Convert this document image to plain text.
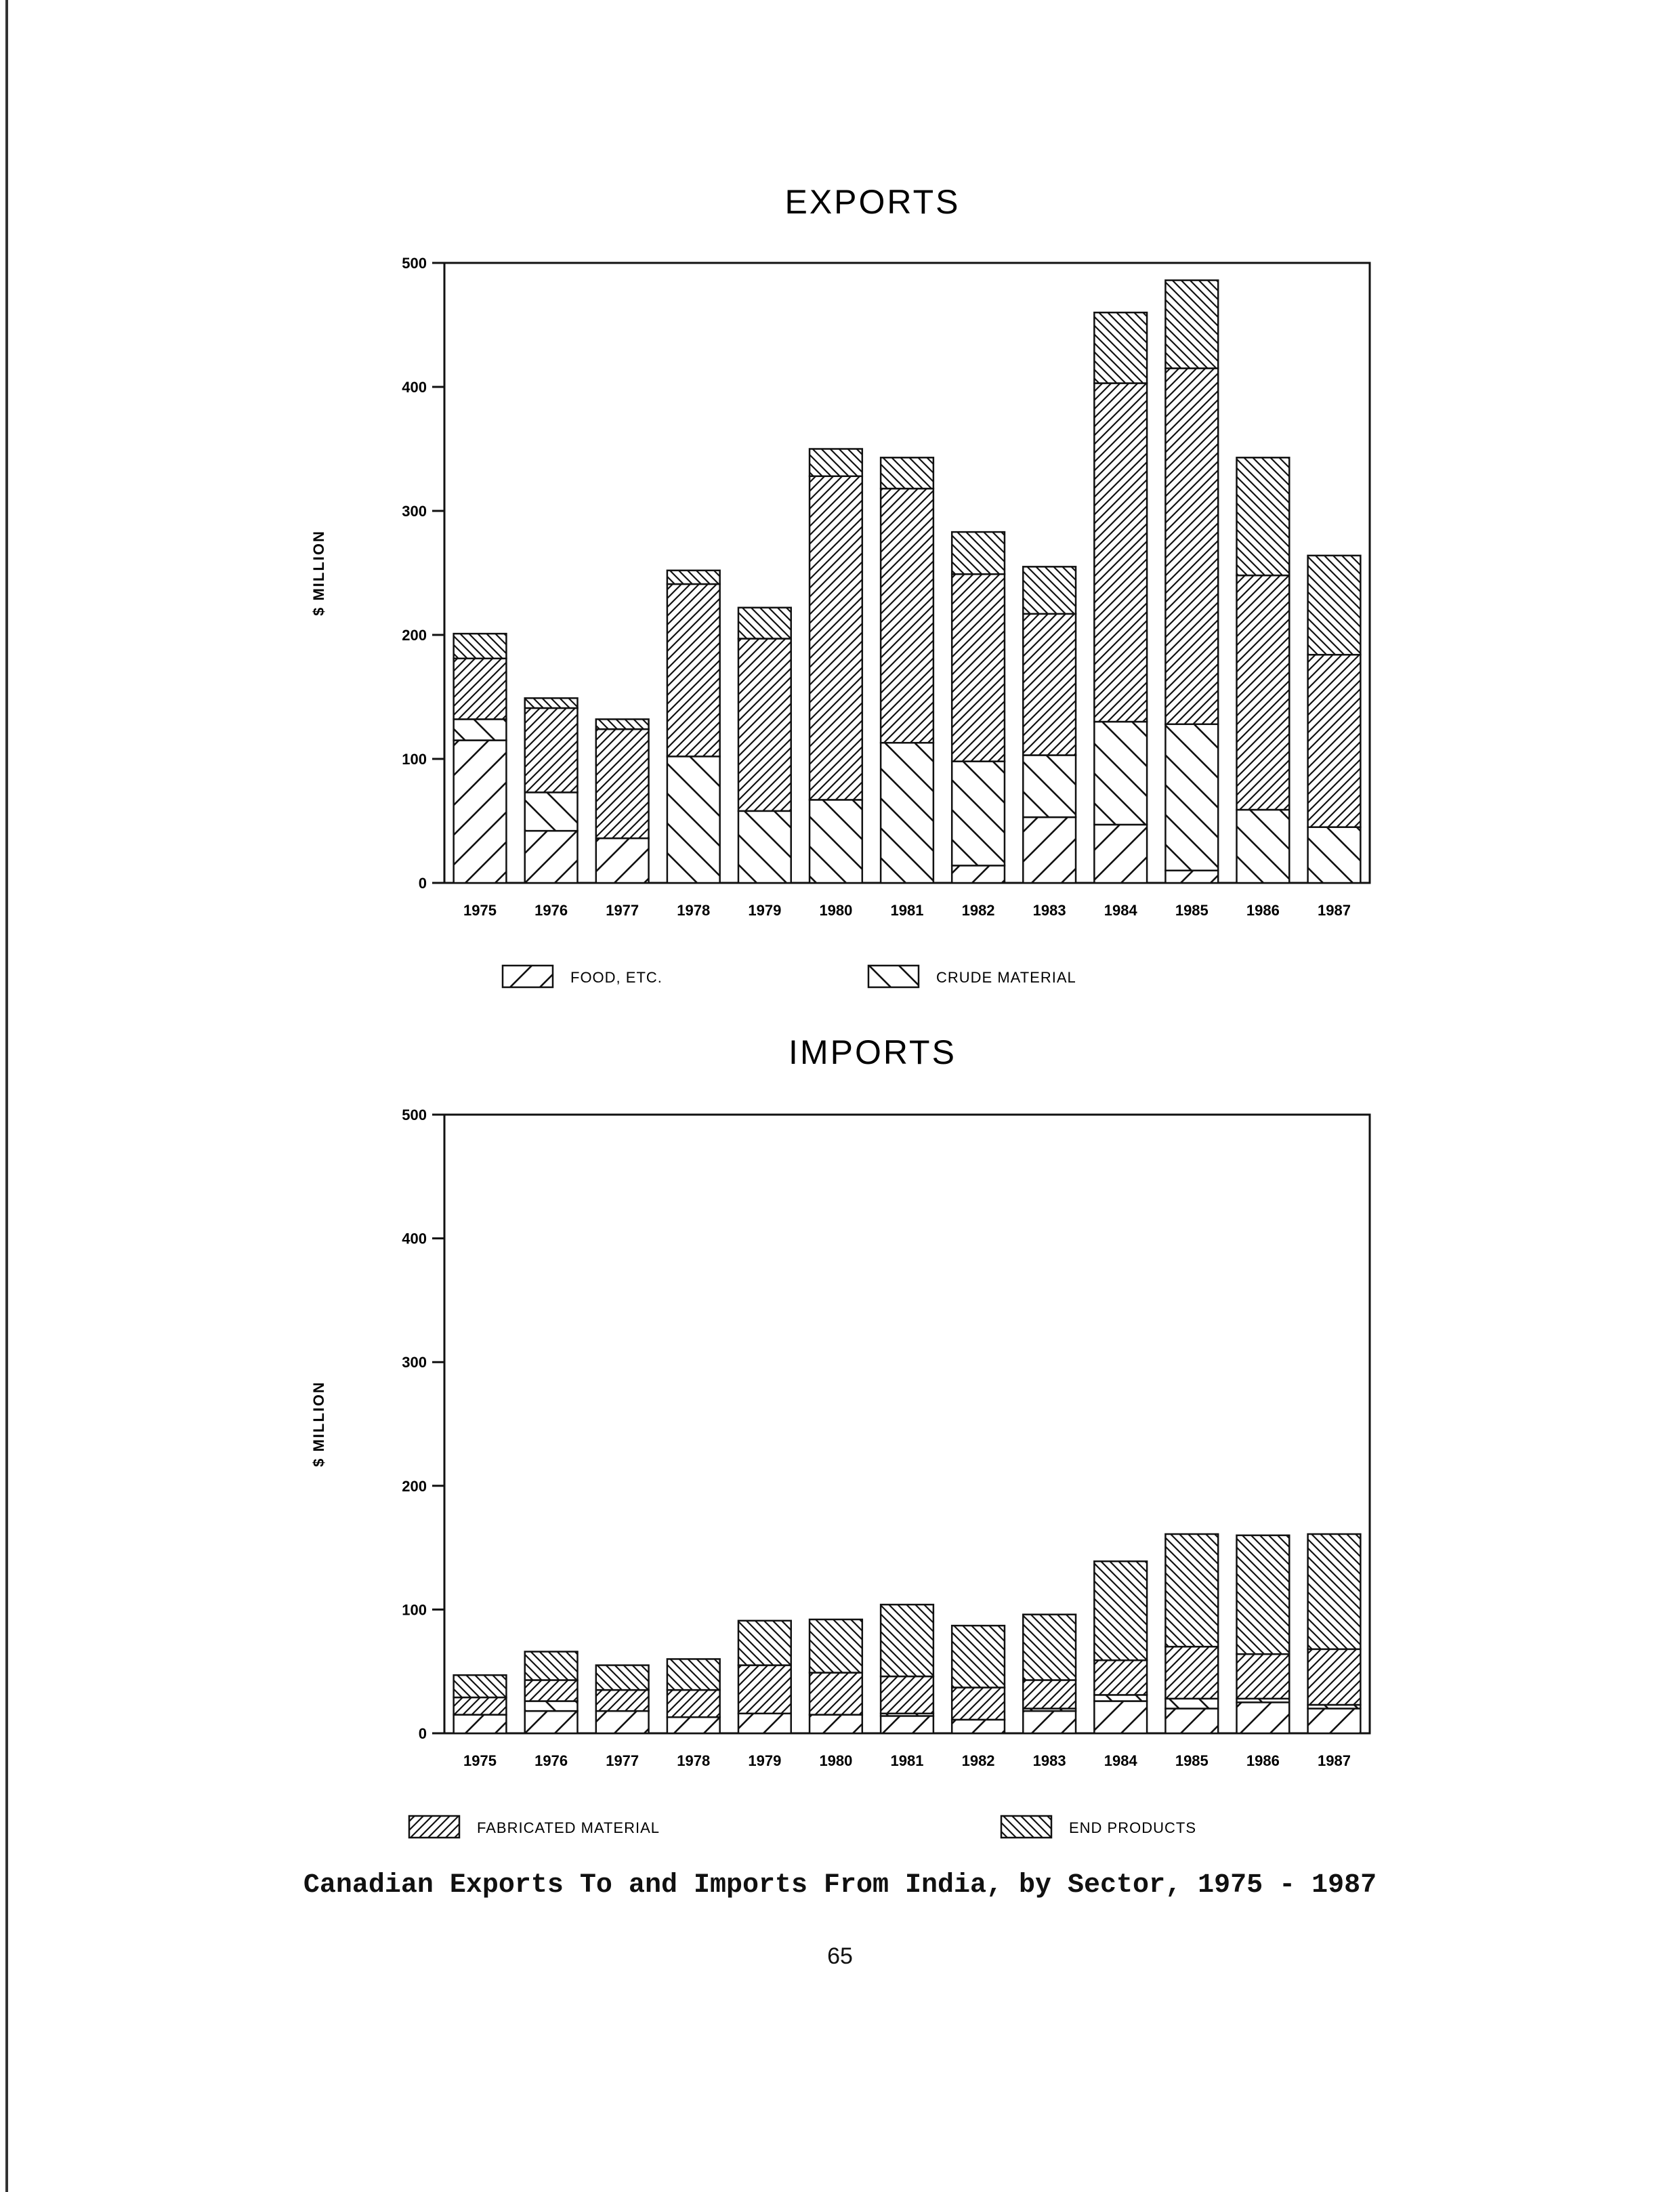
EXPORTS
$ MILLION
0
100
200
300
400
500
1975	1976	1977	1978	1979	1980	1981	1982	1983	1984	1985	1986	1987
FOOD, ETC.	CRUDE MATERIAL
IMPORTS
$ MILLION
0
100
200
300
400
500
1975	1976	1977	1978	1979	1980	1981	1982	1983	1984	1985	1986	1987
FABRICATED MATERIAL	END PRODUCTS
Canadian Exports To and Imports From India, by Sector, 1975 - 1987
65
